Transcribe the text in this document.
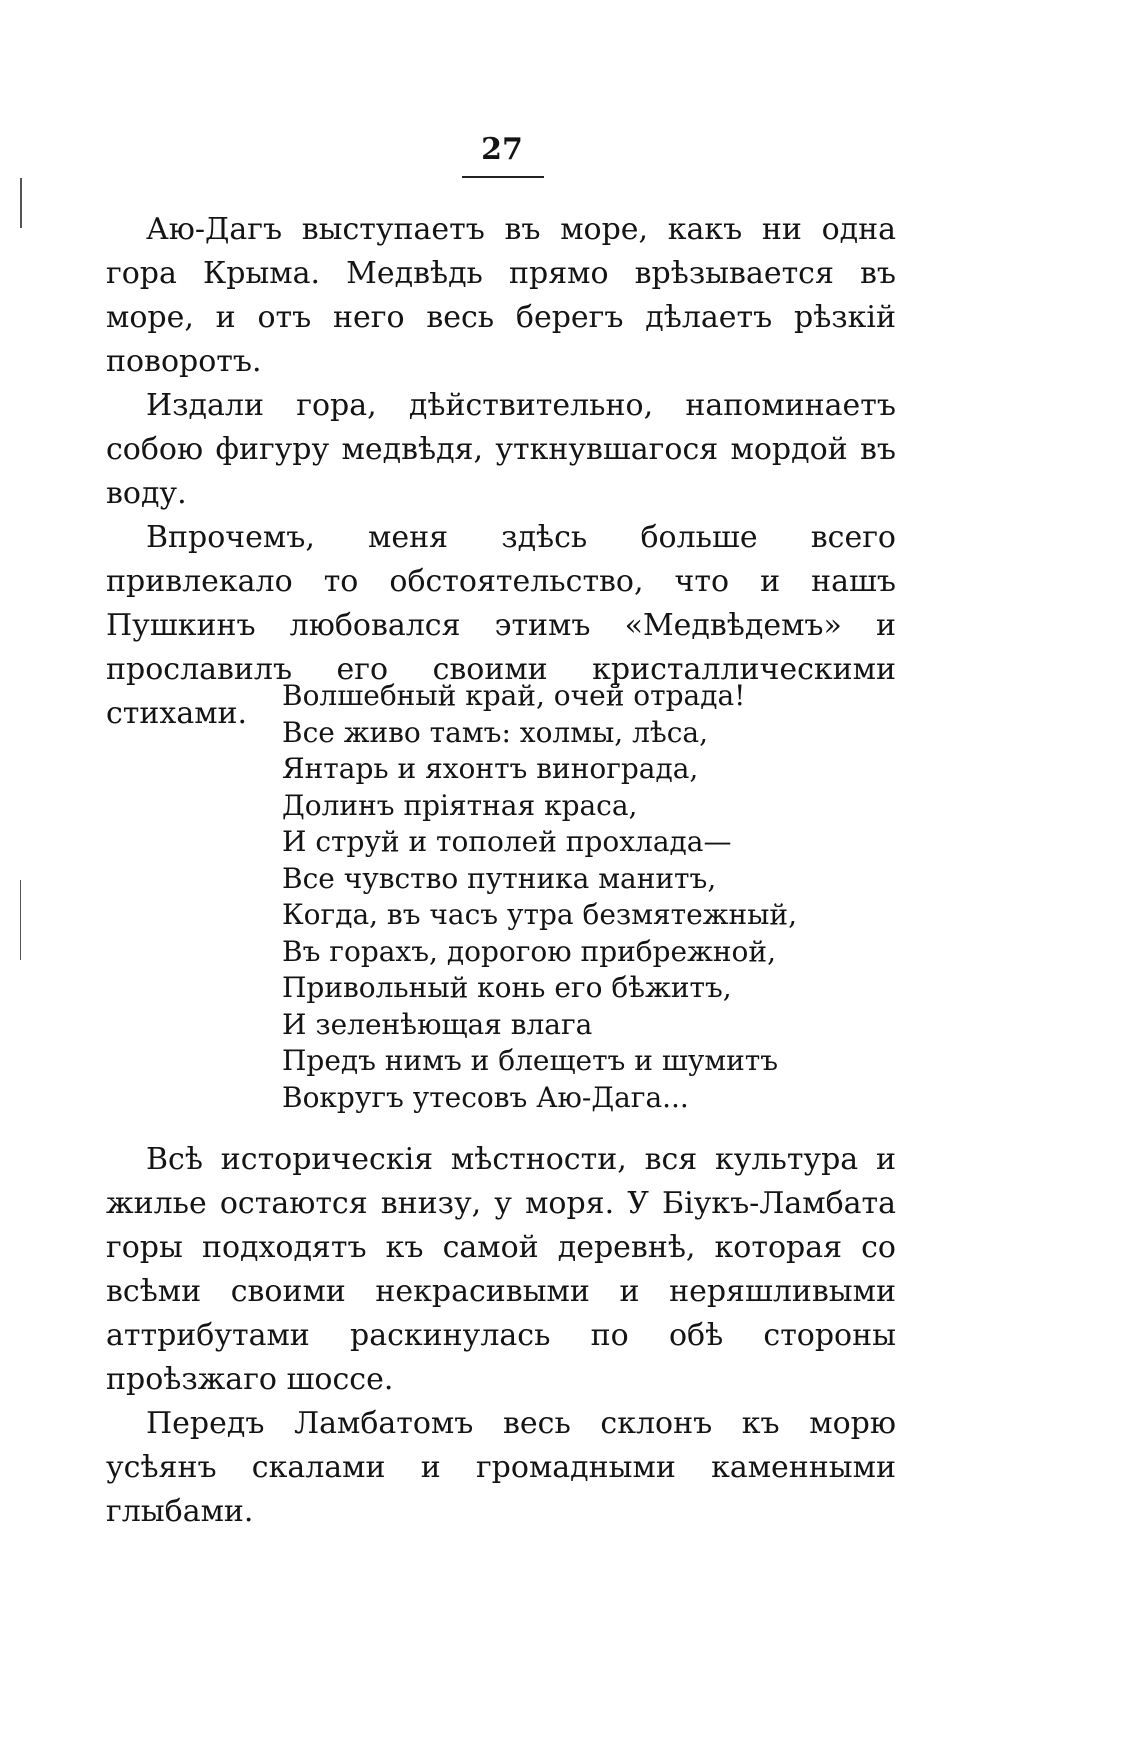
27

Аю-Дагъ выступаетъ въ море, какъ ни одна гора Крыма. Медвѣдь прямо врѣзывается въ море, и отъ него весь берегъ дѣлаетъ рѣзкій поворотъ.

Издали гора, дѣйствительно, напоминаетъ собою фигуру медвѣдя, уткнувшагося мордой въ воду.

Впрочемъ, меня здѣсь больше всего привлекало то обстоятельство, что и нашъ Пушкинъ любовался этимъ «Медвѣдемъ» и прославилъ его своими кристаллическими стихами.

Волшебный край, очей отрада!
Все живо тамъ: холмы, лѣса,
Янтарь и яхонтъ винограда,
Долинъ пріятная краса,
И струй и тополей прохлада—
Все чувство путника манитъ,
Когда, въ часъ утра безмятежный,
Въ горахъ, дорогою прибрежной,
Привольный конь его бѣжитъ,
И зеленѣющая влага
Предъ нимъ и блещетъ и шумитъ
Вокругъ утесовъ Аю-Дага...

Всѣ историческія мѣстности, вся культура и жилье остаются внизу, у моря. У Біукъ-Ламбата горы подходятъ къ самой деревнѣ, которая со всѣми своими некрасивыми и неряшливыми аттрибутами раскинулась по обѣ стороны проѣзжаго шоссе.

Передъ Ламбатомъ весь склонъ къ морю усѣянъ скалами и громадными каменными глыбами.
